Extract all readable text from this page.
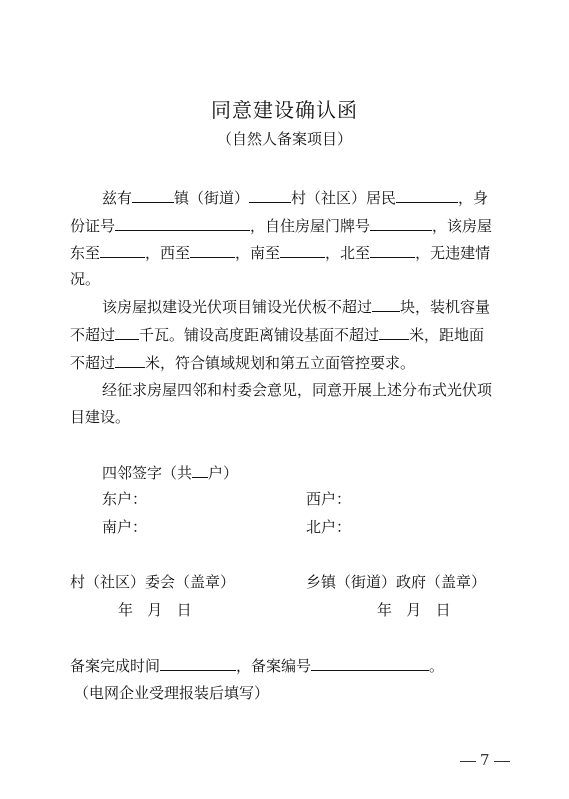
同意建设确认函
（自然人备案项目）
兹有	镇（街道）	村（社区）居民	，身
份证号	，自住房屋门牌号	，该房屋
东至	，西至	，南至	，北至	，无违建情
况。
该房屋拟建设光伏项目铺设光伏板不超过 块，装机容量
不超过 千瓦。铺设高度距离铺设基面不超过 米，距地面
不超过 米，符合镇域规划和第五立面管控要求。
经征求房屋四邻和村委会意见，同意开展上述分布式光伏项
目建设。
四邻签字（共 户）
东户：	西户：
南户：	北户：
村（社区）委会（盖章）	乡镇（街道）政府（盖章）
年   月   日	年   月   日
备案完成时间	，备案编号	。
（电网企业受理报装后填写）
7
